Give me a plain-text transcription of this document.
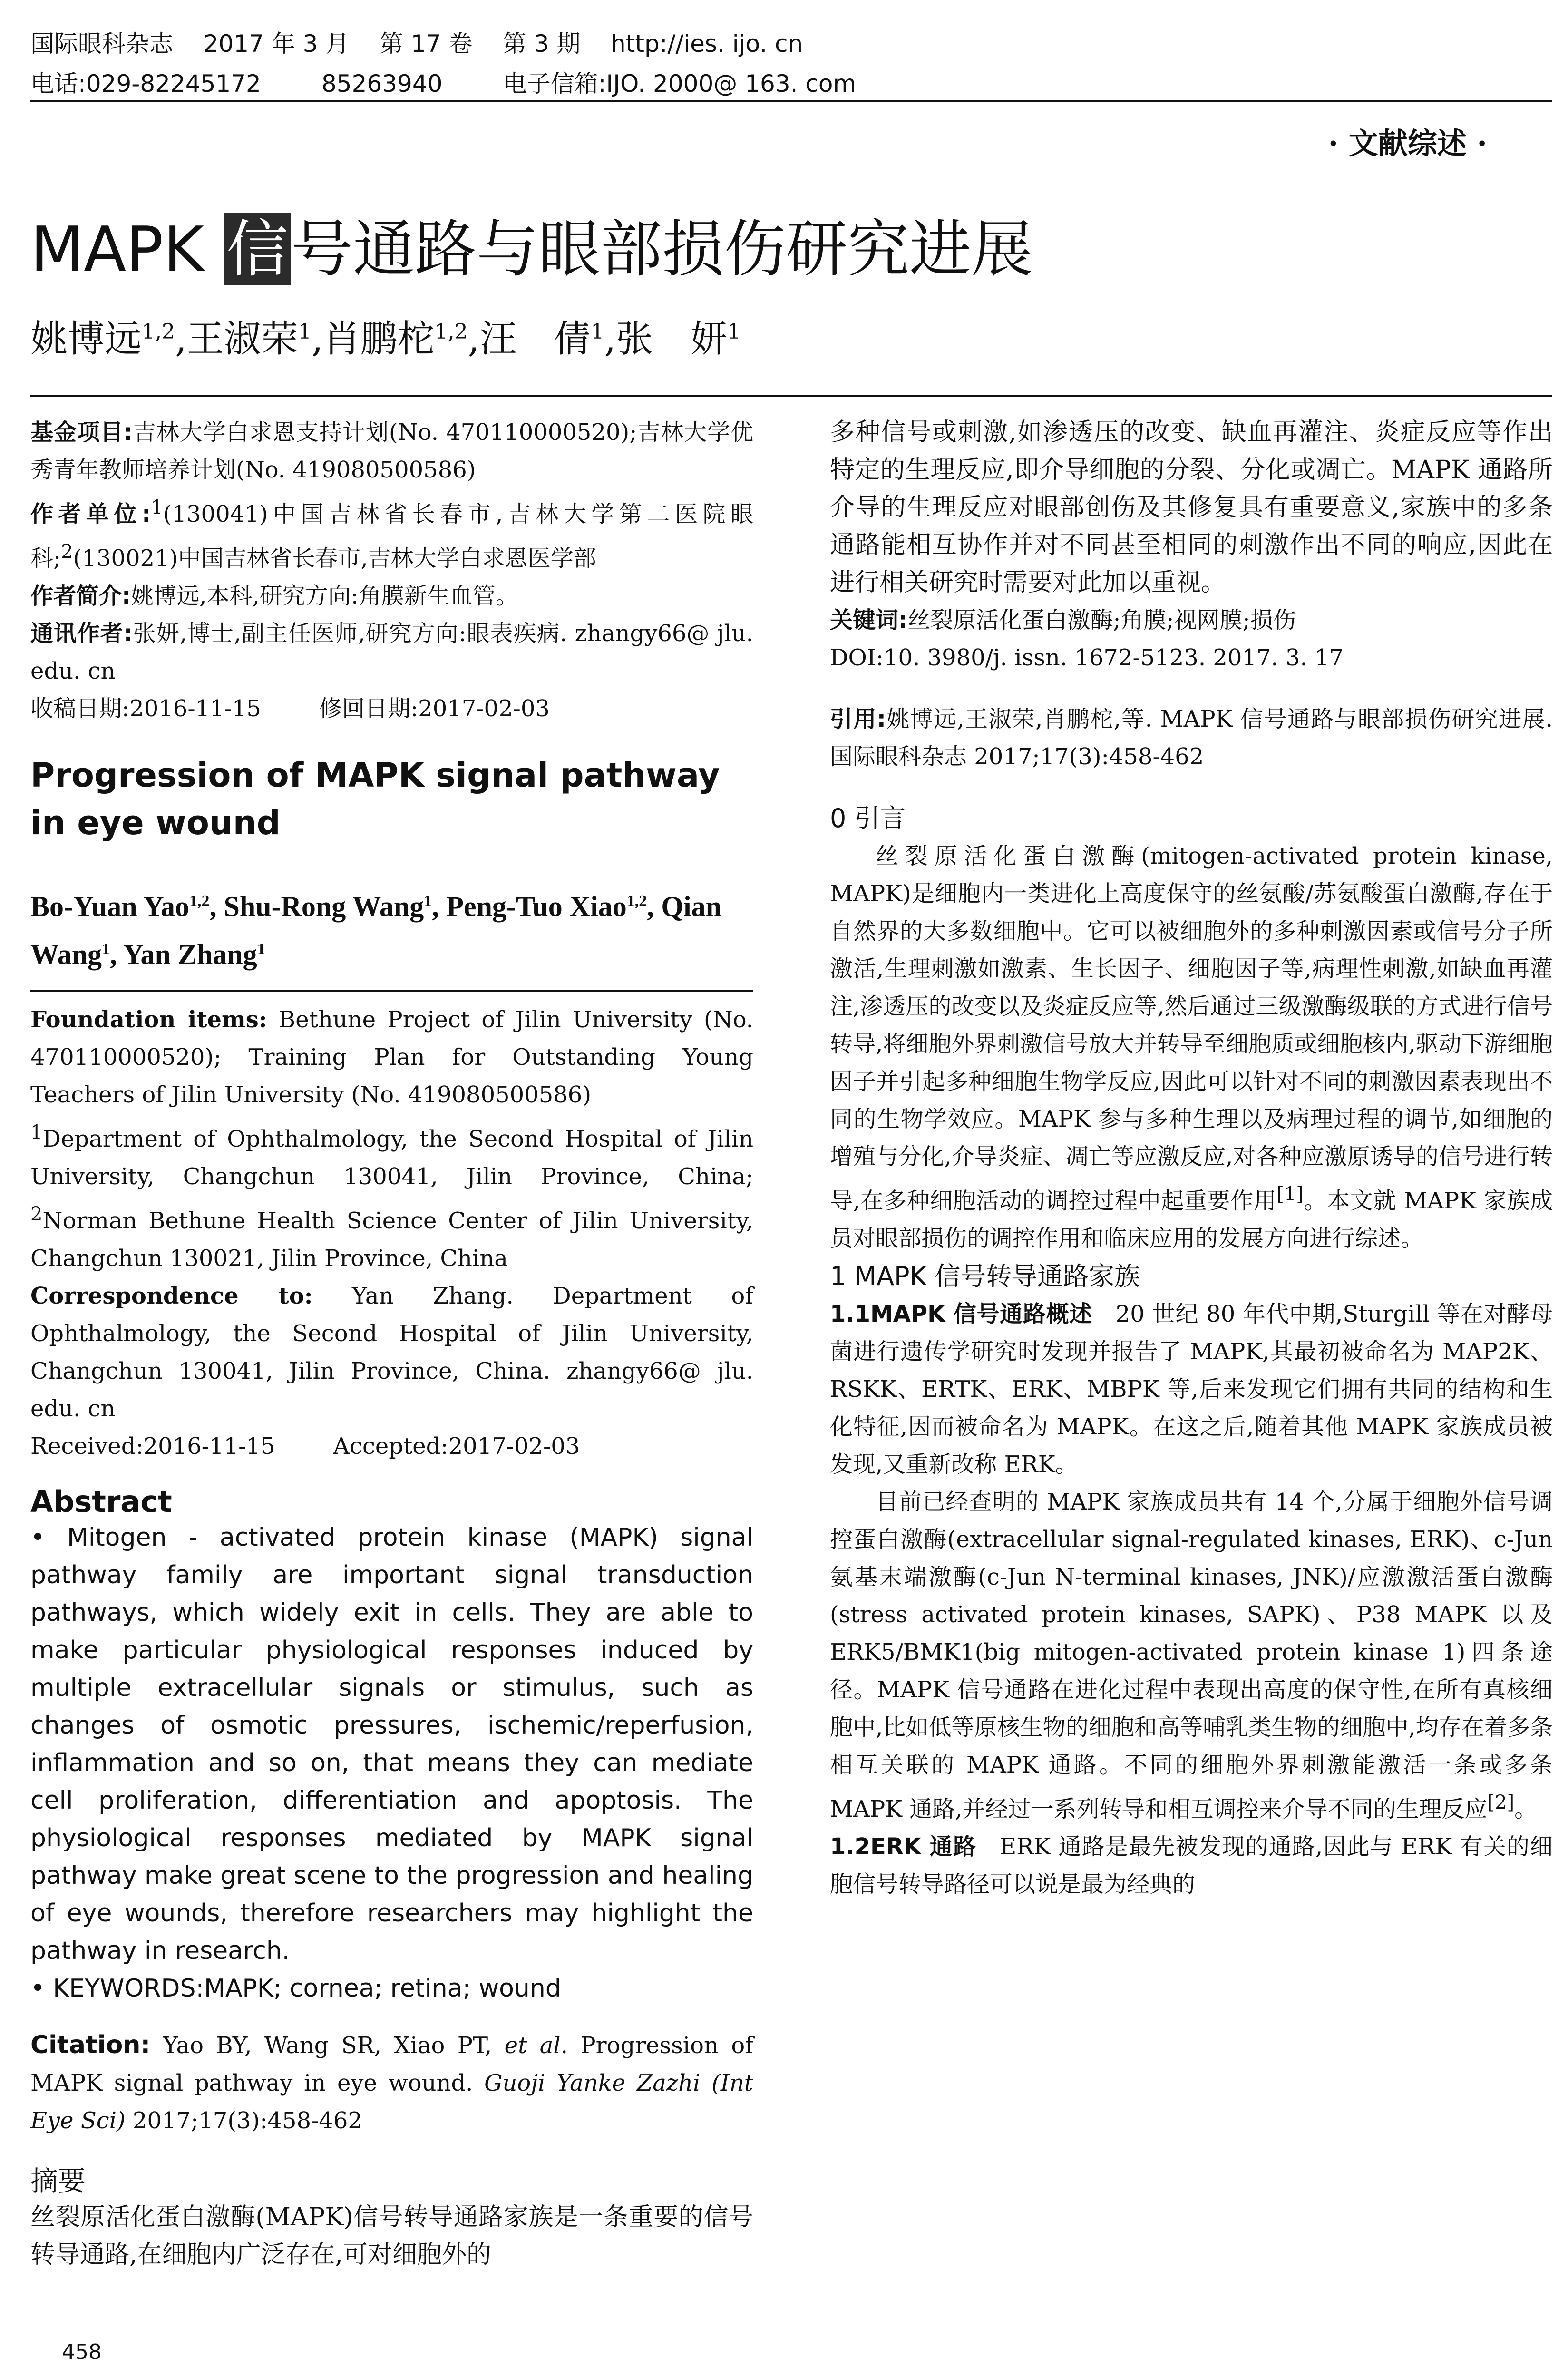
国际眼科杂志    2017 年 3 月    第 17 卷    第 3 期    http://ies. ijo. cn
电话:029-82245172        85263940        电子信箱:IJO. 2000@ 163. com
· 文献综述 ·
MAPK 信号通路与眼部损伤研究进展
姚博远$^{1,2}$,王淑荣$^1$,肖鹏柁$^{1,2}$,汪　倩$^1$,张　妍$^1$

基金项目:吉林大学白求恩支持计划(No. 470110000520);吉林大学优秀青年教师培养计划(No. 419080500586)

作者单位:$^1$(130041)中国吉林省长春市,吉林大学第二医院眼科;$^2$(130021)中国吉林省长春市,吉林大学白求恩医学部

作者简介:姚博远,本科,研究方向:角膜新生血管。

通讯作者:张妍,博士,副主任医师,研究方向:眼表疾病. zhangy66@ jlu. edu. cn

收稿日期:2016-11-15        修回日期:2017-02-03

Progression of MAPK signal pathway in eye wound
Bo-Yuan Yao$^{1,2}$, Shu-Rong Wang$^1$, Peng-Tuo Xiao$^{1,2}$, Qian Wang$^1$, Yan Zhang$^1$

Foundation items: Bethune Project of Jilin University (No. 470110000520); Training Plan for Outstanding Young Teachers of Jilin University (No. 419080500586)

$^1$Department of Ophthalmology, the Second Hospital of Jilin University, Changchun 130041, Jilin Province, China; $^2$Norman Bethune Health Science Center of Jilin University, Changchun 130021, Jilin Province, China

Correspondence to: Yan Zhang. Department of Ophthalmology, the Second Hospital of Jilin University, Changchun 130041, Jilin Province, China. zhangy66@ jlu. edu. cn

Received:2016-11-15        Accepted:2017-02-03

Abstract
• Mitogen - activated protein kinase (MAPK) signal pathway family are important signal transduction pathways, which widely exit in cells. They are able to make particular physiological responses induced by multiple extracellular signals or stimulus, such as changes of osmotic pressures, ischemic/reperfusion, inflammation and so on, that means they can mediate cell proliferation, differentiation and apoptosis. The physiological responses mediated by MAPK signal pathway make great scene to the progression and healing of eye wounds, therefore researchers may highlight the pathway in research.
• KEYWORDS:MAPK; cornea; retina; wound

Citation: Yao BY, Wang SR, Xiao PT, et al. Progression of MAPK signal pathway in eye wound. Guoji Yanke Zazhi (Int Eye Sci) 2017;17(3):458-462

摘要

丝裂原活化蛋白激酶(MAPK)信号转导通路家族是一条重要的信号转导通路,在细胞内广泛存在,可对细胞外的

多种信号或刺激,如渗透压的改变、缺血再灌注、炎症反应等作出特定的生理反应,即介导细胞的分裂、分化或凋亡。MAPK 通路所介导的生理反应对眼部创伤及其修复具有重要意义,家族中的多条通路能相互协作并对不同甚至相同的刺激作出不同的响应,因此在进行相关研究时需要对此加以重视。

关键词:丝裂原活化蛋白激酶;角膜;视网膜;损伤

DOI:10. 3980/j. issn. 1672-5123. 2017. 3. 17

引用:姚博远,王淑荣,肖鹏柁,等. MAPK 信号通路与眼部损伤研究进展. 国际眼科杂志 2017;17(3):458-462

0 引言

丝裂原活化蛋白激酶(mitogen-activated protein kinase, MAPK)是细胞内一类进化上高度保守的丝氨酸/苏氨酸蛋白激酶,存在于自然界的大多数细胞中。它可以被细胞外的多种刺激因素或信号分子所激活,生理刺激如激素、生长因子、细胞因子等,病理性刺激,如缺血再灌注,渗透压的改变以及炎症反应等,然后通过三级激酶级联的方式进行信号转导,将细胞外界刺激信号放大并转导至细胞质或细胞核内,驱动下游细胞因子并引起多种细胞生物学反应,因此可以针对不同的刺激因素表现出不同的生物学效应。MAPK 参与多种生理以及病理过程的调节,如细胞的增殖与分化,介导炎症、凋亡等应激反应,对各种应激原诱导的信号进行转导,在多种细胞活动的调控过程中起重要作用[1]。本文就 MAPK 家族成员对眼部损伤的调控作用和临床应用的发展方向进行综述。

1 MAPK 信号转导通路家族

1.1MAPK 信号通路概述　20 世纪 80 年代中期,Sturgill 等在对酵母菌进行遗传学研究时发现并报告了 MAPK,其最初被命名为 MAP2K、RSKK、ERTK、ERK、MBPK 等,后来发现它们拥有共同的结构和生化特征,因而被命名为 MAPK。在这之后,随着其他 MAPK 家族成员被发现,又重新改称 ERK。

目前已经查明的 MAPK 家族成员共有 14 个,分属于细胞外信号调控蛋白激酶(extracellular signal-regulated kinases, ERK)、c-Jun 氨基末端激酶(c-Jun N-terminal kinases, JNK)/应激激活蛋白激酶(stress activated protein kinases, SAPK)、P38 MAPK 以及 ERK5/BMK1(big mitogen-activated protein kinase 1)四条途径。MAPK 信号通路在进化过程中表现出高度的保守性,在所有真核细胞中,比如低等原核生物的细胞和高等哺乳类生物的细胞中,均存在着多条相互关联的 MAPK 通路。不同的细胞外界刺激能激活一条或多条 MAPK 通路,并经过一系列转导和相互调控来介导不同的生理反应[2]。

1.2ERK 通路　ERK 通路是最先被发现的通路,因此与 ERK 有关的细胞信号转导路径可以说是最为经典的

458
